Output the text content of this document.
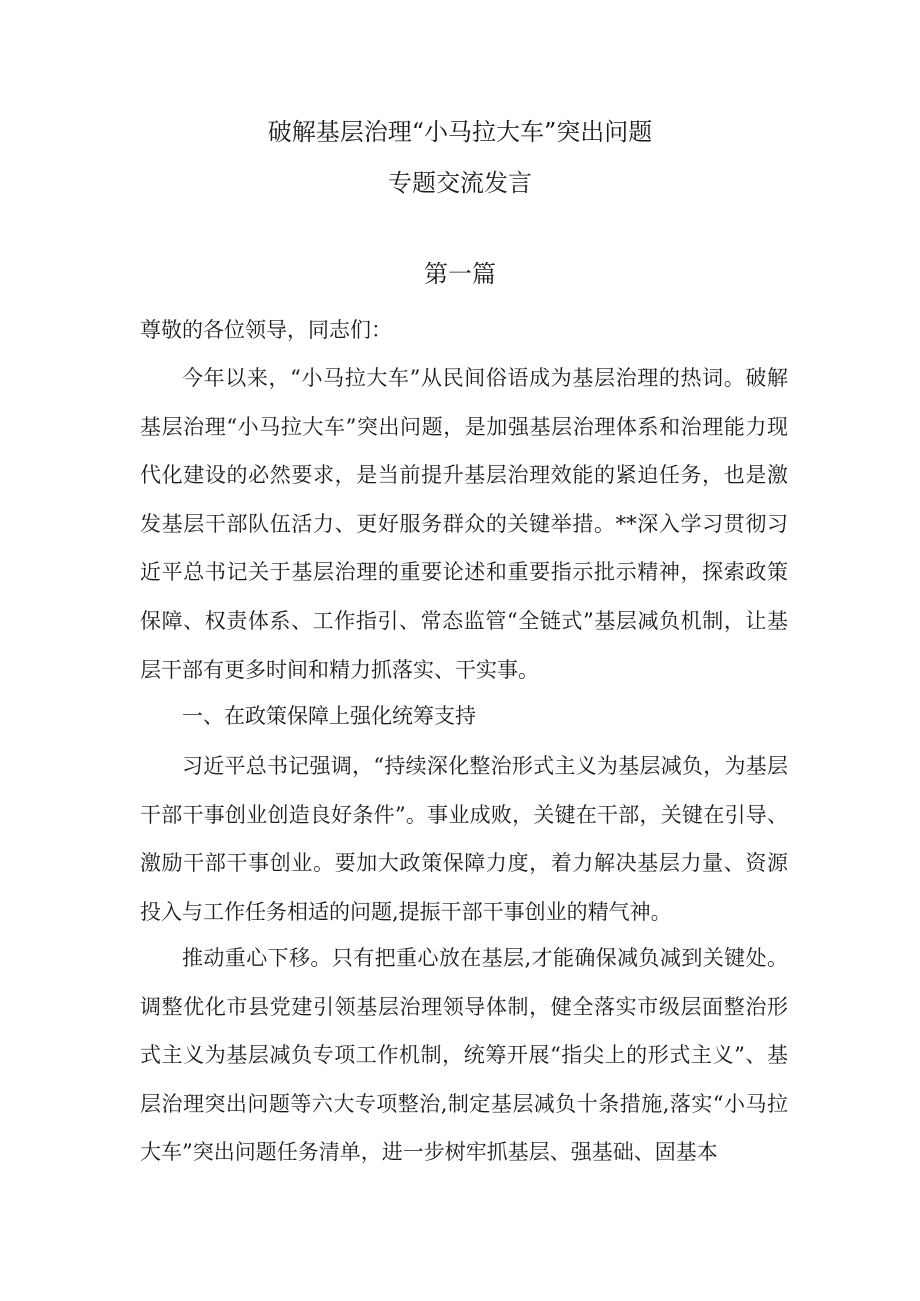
破解基层治理“小马拉大车”突出问题
专题交流发言
第一篇

尊敬的各位领导，同志们：

今年以来，“小马拉大车”从民间俗语成为基层治理的热词。破解基层治理“小马拉大车”突出问题，是加强基层治理体系和治理能力现代化建设的必然要求，是当前提升基层治理效能的紧迫任务，也是激发基层干部队伍活力、更好服务群众的关键举措。**深入学习贯彻习近平总书记关于基层治理的重要论述和重要指示批示精神，探索政策保障、权责体系、工作指引、常态监管“全链式”基层减负机制，让基层干部有更多时间和精力抓落实、干实事。

一、在政策保障上强化统筹支持

习近平总书记强调，“持续深化整治形式主义为基层减负，为基层干部干事创业创造良好条件”。事业成败，关键在干部，关键在引导、激励干部干事创业。要加大政策保障力度，着力解决基层力量、资源投入与工作任务相适的问题,提振干部干事创业的精气神。

推动重心下移。只有把重心放在基层,才能确保减负减到关键处。调整优化市县党建引领基层治理领导体制，健全落实市级层面整治形式主义为基层减负专项工作机制，统筹开展“指尖上的形式主义”、基层治理突出问题等六大专项整治,制定基层减负十条措施,落实“小马拉大车”突出问题任务清单，进一步树牢抓基层、强基础、固基本
